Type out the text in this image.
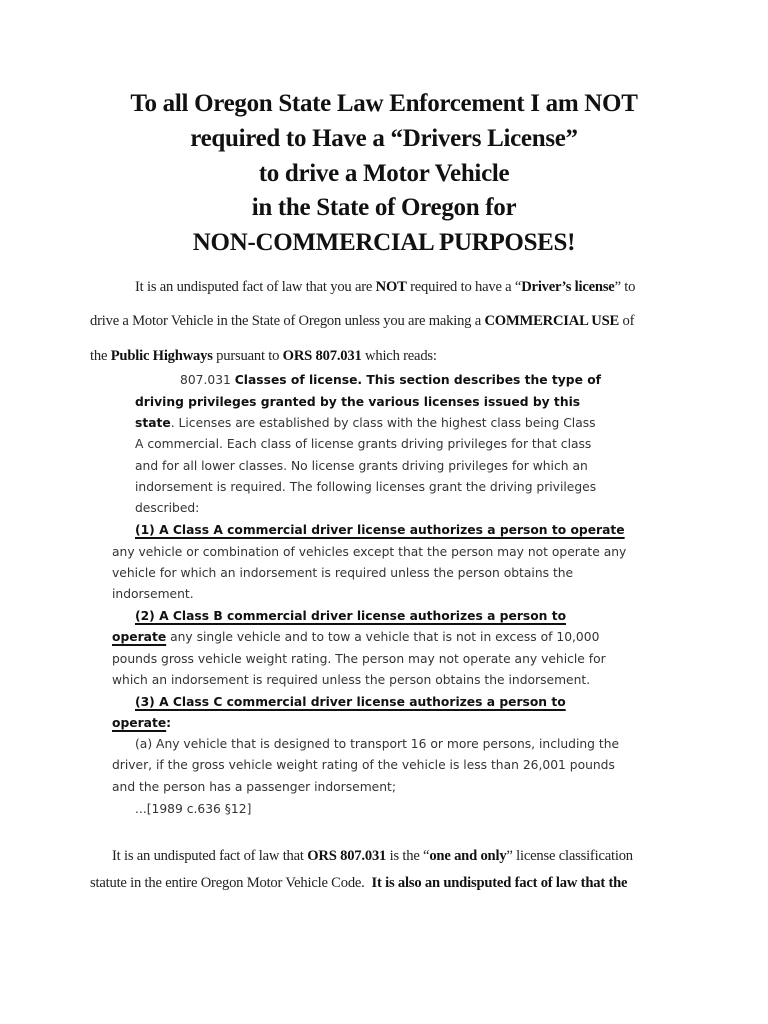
To all Oregon State Law Enforcement I am NOT
required to Have a “Drivers License”
to drive a Motor Vehicle
in the State of Oregon for
NON-COMMERCIAL PURPOSES!
It is an undisputed fact of law that you are NOT required to have a “Driver’s license” to
drive a Motor Vehicle in the State of Oregon unless you are making a COMMERCIAL USE of
the Public Highways pursuant to ORS 807.031 which reads:
807.031 Classes of license. This section describes the type of
driving privileges granted by the various licenses issued by this
state. Licenses are established by class with the highest class being Class
A commercial. Each class of license grants driving privileges for that class
and for all lower classes. No license grants driving privileges for which an
indorsement is required. The following licenses grant the driving privileges
described:
(1) A Class A commercial driver license authorizes a person to operate
any vehicle or combination of vehicles except that the person may not operate any
vehicle for which an indorsement is required unless the person obtains the
indorsement.
(2) A Class B commercial driver license authorizes a person to
operate any single vehicle and to tow a vehicle that is not in excess of 10,000
pounds gross vehicle weight rating. The person may not operate any vehicle for
which an indorsement is required unless the person obtains the indorsement.
(3) A Class C commercial driver license authorizes a person to
operate:
(a) Any vehicle that is designed to transport 16 or more persons, including the
driver, if the gross vehicle weight rating of the vehicle is less than 26,001 pounds
and the person has a passenger indorsement;
...[1989 c.636 §12]
It is an undisputed fact of law that ORS 807.031 is the “one and only” license classification
statute in the entire Oregon Motor Vehicle Code.  It is also an undisputed fact of law that the
